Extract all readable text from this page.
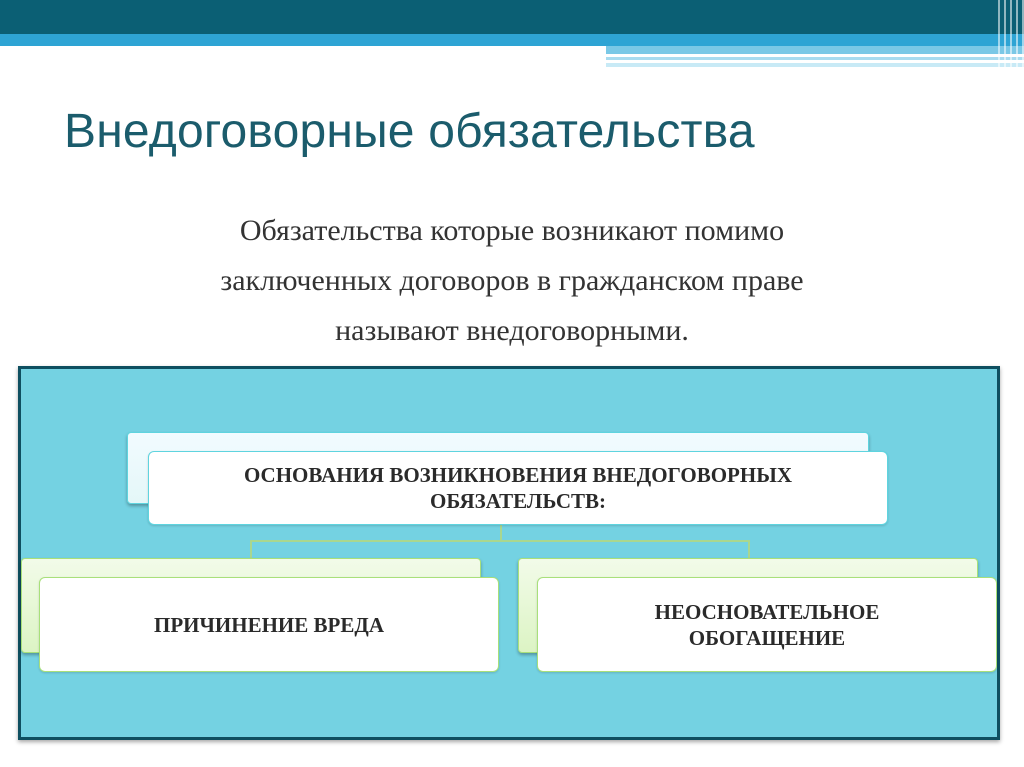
Внедоговорные обязательства
Обязательства которые возникают помимо
заключенных договоров в гражданском праве
называют внедоговорными.
ОСНОВАНИЯ ВОЗНИКНОВЕНИЯ ВНЕДОГОВОРНЫХ
ОБЯЗАТЕЛЬСТВ:
ПРИЧИНЕНИЕ ВРЕДА
НЕОСНОВАТЕЛЬНОЕ
ОБОГАЩЕНИЕ
